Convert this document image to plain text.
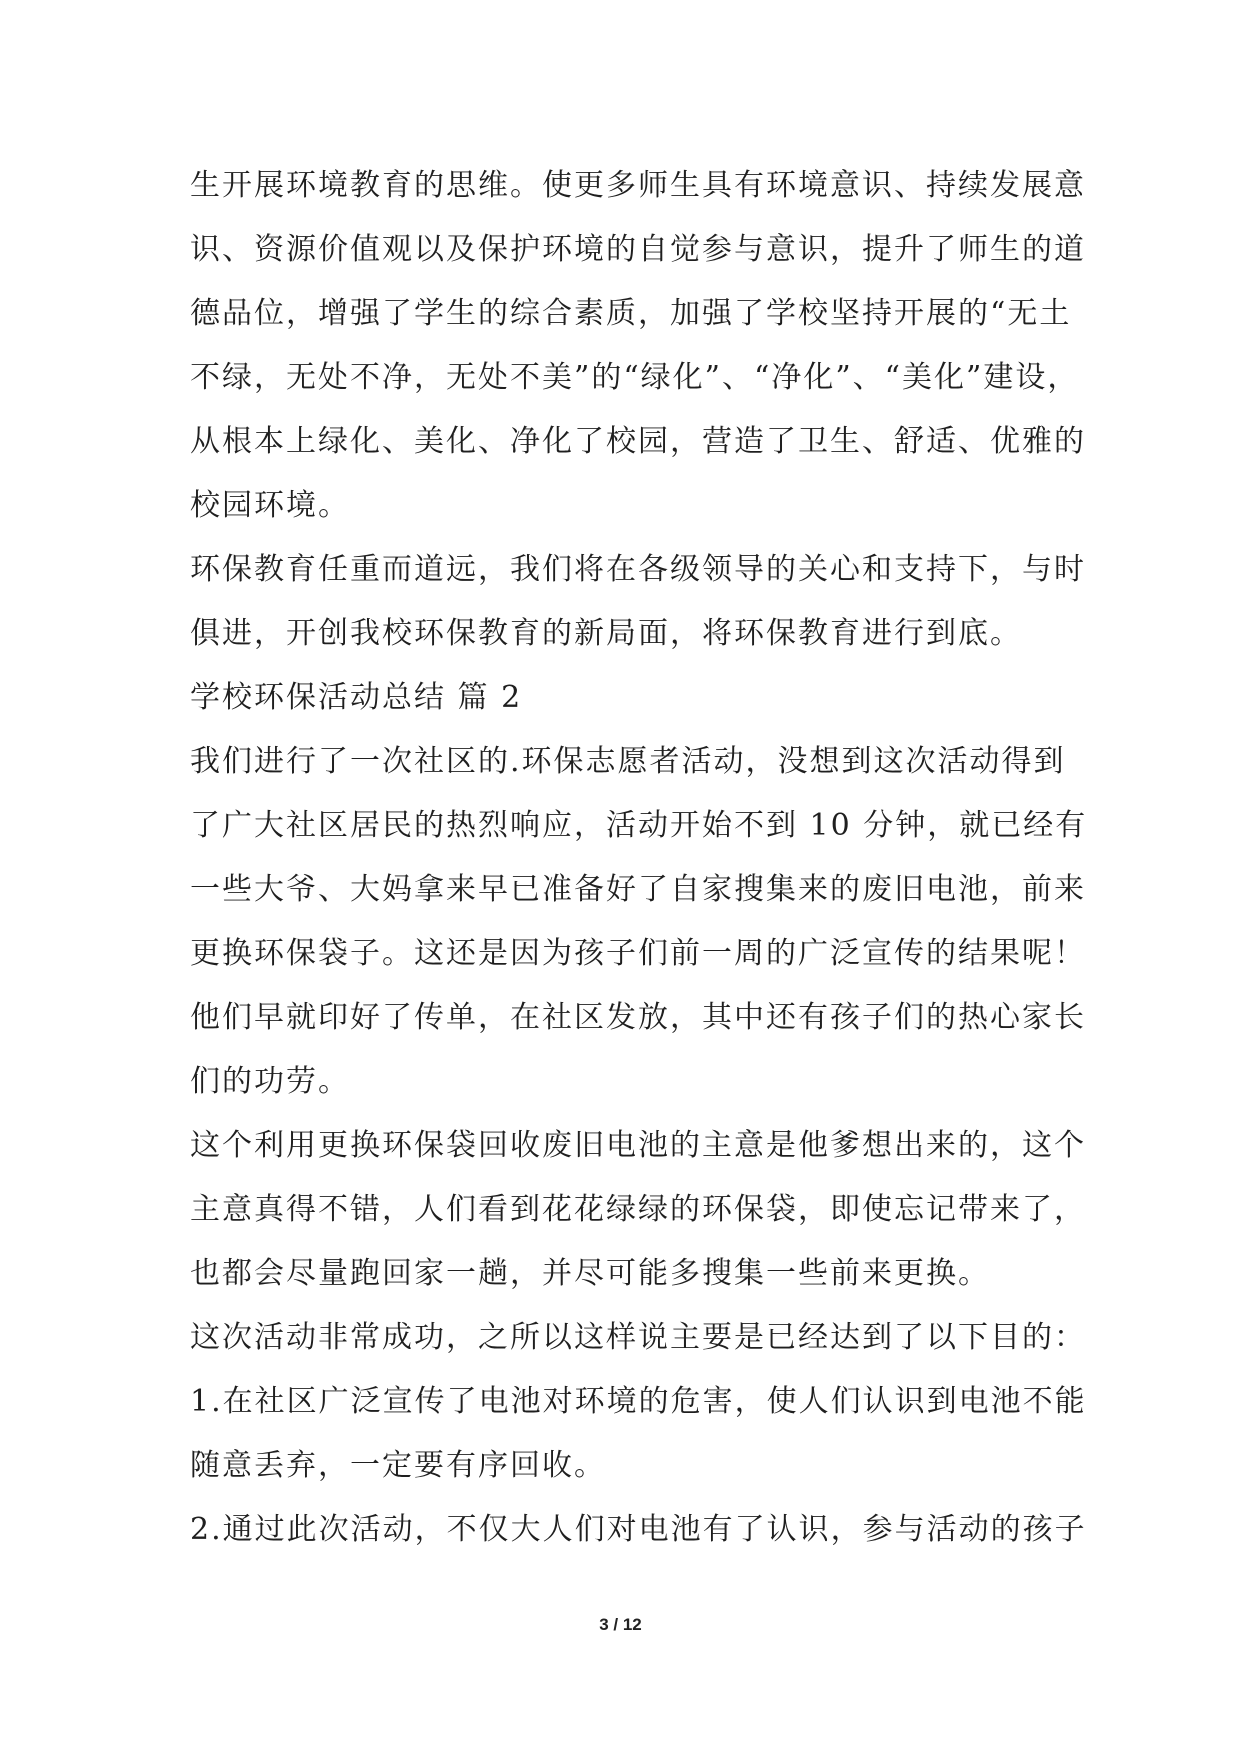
生开展环境教育的思维。使更多师生具有环境意识、持续发展意
识、资源价值观以及保护环境的自觉参与意识，提升了师生的道
德品位，增强了学生的综合素质，加强了学校坚持开展的“无土
不绿，无处不净，无处不美”的“绿化”、“净化”、“美化”建设，
从根本上绿化、美化、净化了校园，营造了卫生、舒适、优雅的
校园环境。
环保教育任重而道远，我们将在各级领导的关心和支持下，与时
俱进，开创我校环保教育的新局面，将环保教育进行到底。
学校环保活动总结 篇 2
我们进行了一次社区的.环保志愿者活动，没想到这次活动得到
了广大社区居民的热烈响应，活动开始不到 10 分钟，就已经有
一些大爷、大妈拿来早已准备好了自家搜集来的废旧电池，前来
更换环保袋子。这还是因为孩子们前一周的广泛宣传的结果呢！
他们早就印好了传单，在社区发放，其中还有孩子们的热心家长
们的功劳。
这个利用更换环保袋回收废旧电池的主意是他爹想出来的，这个
主意真得不错，人们看到花花绿绿的环保袋，即使忘记带来了，
也都会尽量跑回家一趟，并尽可能多搜集一些前来更换。
这次活动非常成功，之所以这样说主要是已经达到了以下目的：
1.在社区广泛宣传了电池对环境的危害，使人们认识到电池不能
随意丢弃，一定要有序回收。
2.通过此次活动，不仅大人们对电池有了认识，参与活动的孩子
3 / 12
